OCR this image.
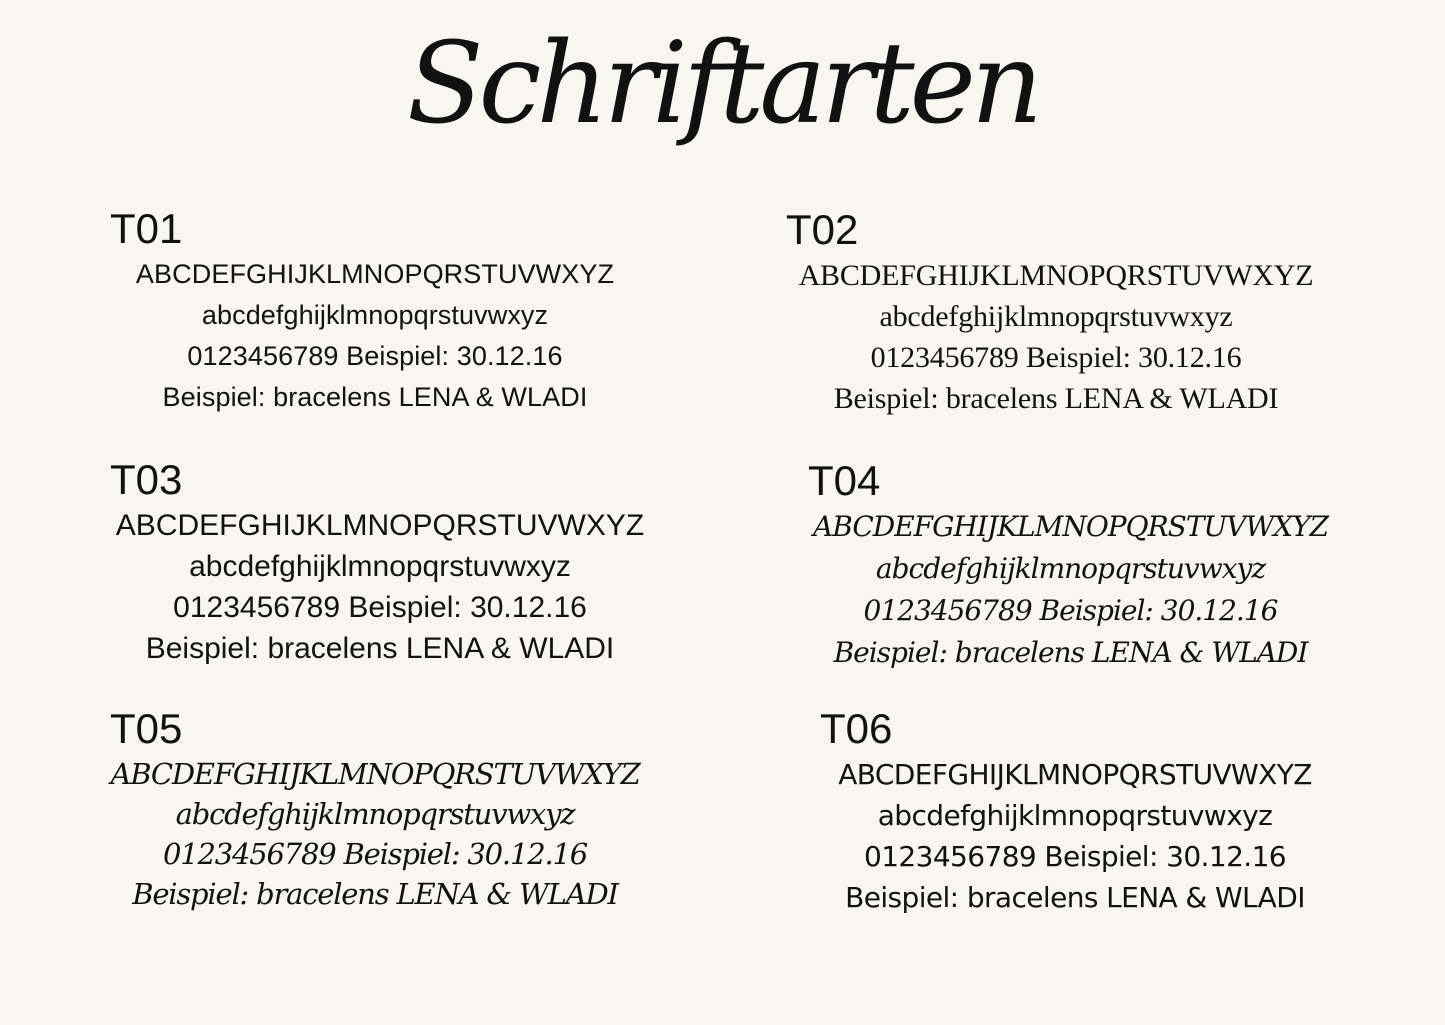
Schriftarten
T01
ABCDEFGHIJKLMNOPQRSTUVWXYZ
abcdefghijklmnopqrstuvwxyz
0123456789 Beispiel: 30.12.16
Beispiel: bracelens LENA & WLADI
T02
ABCDEFGHIJKLMNOPQRSTUVWXYZ
abcdefghijklmnopqrstuvwxyz
0123456789 Beispiel: 30.12.16
Beispiel: bracelens LENA & WLADI
T03
ABCDEFGHIJKLMNOPQRSTUVWXYZ
abcdefghijklmnopqrstuvwxyz
0123456789 Beispiel: 30.12.16
Beispiel: bracelens LENA & WLADI
T04
ABCDEFGHIJKLMNOPQRSTUVWXYZ
abcdefghijklmnopqrstuvwxyz
0123456789 Beispiel: 30.12.16
Beispiel: bracelens LENA & WLADI
T05
ABCDEFGHIJKLMNOPQRSTUVWXYZ
abcdefghijklmnopqrstuvwxyz
0123456789 Beispiel: 30.12.16
Beispiel: bracelens LENA & WLADI
T06
ABCDEFGHIJKLMNOPQRSTUVWXYZ
abcdefghijklmnopqrstuvwxyz
0123456789 Beispiel: 30.12.16
Beispiel: bracelens LENA & WLADI
